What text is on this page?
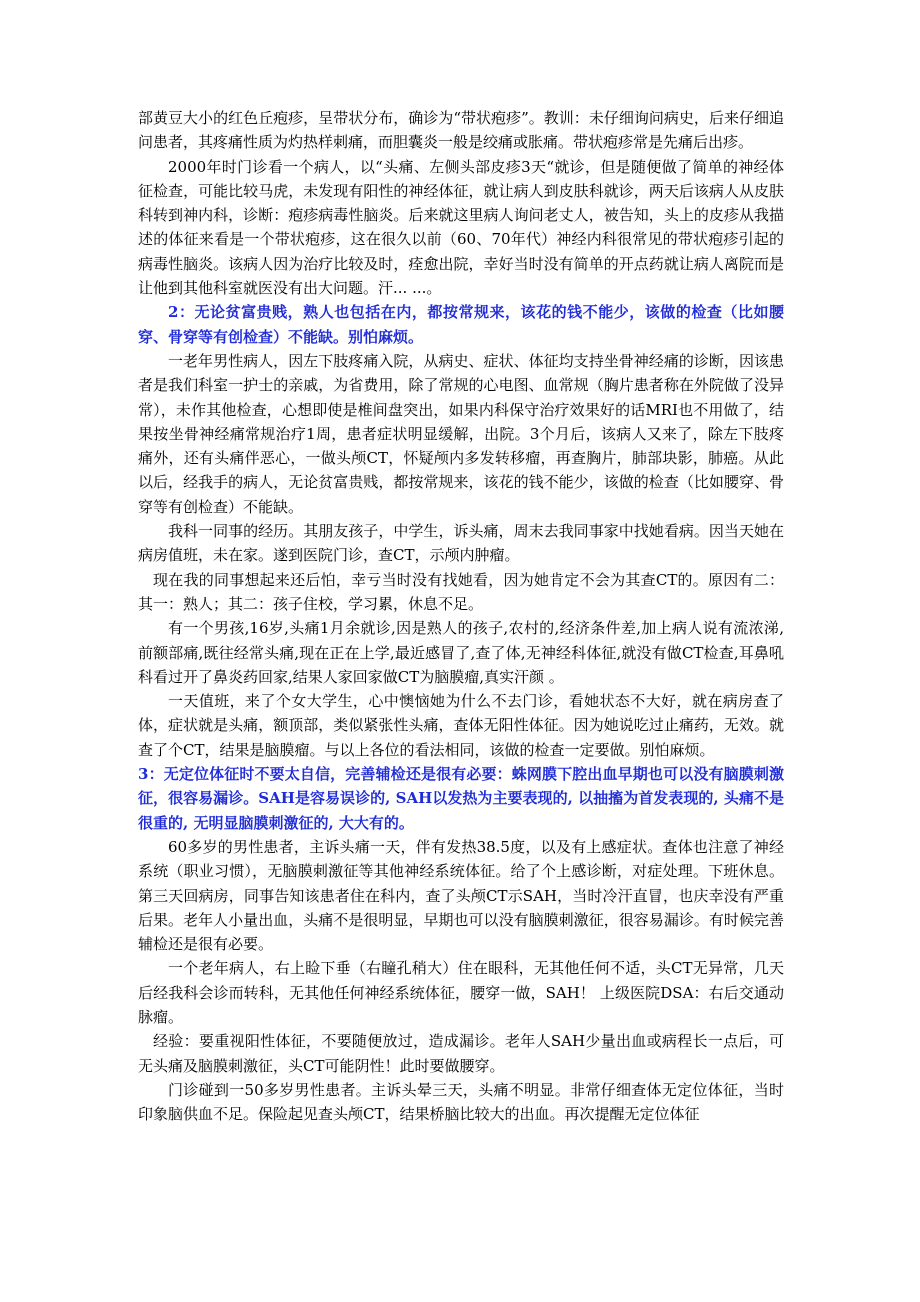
部黄豆大小的红色丘疱疹，呈带状分布，确诊为“带状疱疹”。教训：未仔细询问病史，后来仔细追问患者，其疼痛性质为灼热样刺痛，而胆囊炎一般是绞痛或胀痛。带状疱疹常是先痛后出疹。

2000年时门诊看一个病人，以“头痛、左侧头部皮疹3天“就诊，但是随便做了简单的神经体征检查，可能比较马虎，未发现有阳性的神经体征，就让病人到皮肤科就诊，两天后该病人从皮肤科转到神内科，诊断：疱疹病毒性脑炎。后来就这里病人询问老丈人，被告知，头上的皮疹从我描述的体征来看是一个带状疱疹，这在很久以前（60、70年代）神经内科很常见的带状疱疹引起的病毒性脑炎。该病人因为治疗比较及时，痊愈出院，幸好当时没有简单的开点药就让病人离院而是让他到其他科室就医没有出大问题。汗... ...。

2：无论贫富贵贱，熟人也包括在内，都按常规来，该花的钱不能少，该做的检查（比如腰穿、骨穿等有创检查）不能缺。别怕麻烦。

一老年男性病人，因左下肢疼痛入院，从病史、症状、体征均支持坐骨神经痛的诊断，因该患者是我们科室一护士的亲戚，为省费用，除了常规的心电图、血常规（胸片患者称在外院做了没异常），未作其他检查，心想即使是椎间盘突出，如果内科保守治疗效果好的话MRI也不用做了，结果按坐骨神经痛常规治疗1周，患者症状明显缓解，出院。3个月后，该病人又来了，除左下肢疼痛外，还有头痛伴恶心，一做头颅CT，怀疑颅内多发转移瘤，再查胸片，肺部块影，肺癌。从此以后，经我手的病人，无论贫富贵贱，都按常规来，该花的钱不能少，该做的检查（比如腰穿、骨穿等有创检查）不能缺。

我科一同事的经历。其朋友孩子，中学生，诉头痛，周末去我同事家中找她看病。因当天她在病房值班，未在家。遂到医院门诊，查CT，示颅内肿瘤。

现在我的同事想起来还后怕，幸亏当时没有找她看，因为她肯定不会为其查CT的。原因有二：其一：熟人；其二：孩子住校，学习累，休息不足。

有一个男孩,16岁,头痛1月余就诊,因是熟人的孩子,农村的,经济条件差,加上病人说有流浓涕,前额部痛,既往经常头痛,现在正在上学,最近感冒了,查了体,无神经科体征,就没有做CT检查,耳鼻吼科看过开了鼻炎药回家,结果人家回家做CT为脑膜瘤,真实汗颜 。

一天值班，来了个女大学生，心中懊恼她为什么不去门诊，看她状态不大好，就在病房查了体，症状就是头痛，额顶部，类似紧张性头痛，查体无阳性体征。因为她说吃过止痛药，无效。就查了个CT，结果是脑膜瘤。与以上各位的看法相同，该做的检查一定要做。别怕麻烦。

3：无定位体征时不要太自信，完善辅检还是很有必要：蛛网膜下腔出血早期也可以没有脑膜刺激征，很容易漏诊。SAH是容易误诊的, SAH以发热为主要表现的, 以抽搐为首发表现的, 头痛不是很重的, 无明显脑膜刺激征的, 大大有的。

60多岁的男性患者，主诉头痛一天，伴有发热38.5度，以及有上感症状。查体也注意了神经系统（职业习惯），无脑膜刺激征等其他神经系统体征。给了个上感诊断，对症处理。下班休息。第三天回病房，同事告知该患者住在科内，查了头颅CT示SAH，当时冷汗直冒，也庆幸没有严重后果。老年人小量出血，头痛不是很明显，早期也可以没有脑膜刺激征，很容易漏诊。有时候完善辅检还是很有必要。

一个老年病人，右上睑下垂（右瞳孔稍大）住在眼科，无其他任何不适，头CT无异常，几天后经我科会诊而转科，无其他任何神经系统体征，腰穿一做，SAH！ 上级医院DSA：右后交通动脉瘤。

经验：要重视阳性体征，不要随便放过，造成漏诊。老年人SAH少量出血或病程长一点后，可无头痛及脑膜刺激征，头CT可能阴性！此时要做腰穿。

门诊碰到一50多岁男性患者。主诉头晕三天，头痛不明显。非常仔细查体无定位体征，当时印象脑供血不足。保险起见查头颅CT，结果桥脑比较大的出血。再次提醒无定位体征
